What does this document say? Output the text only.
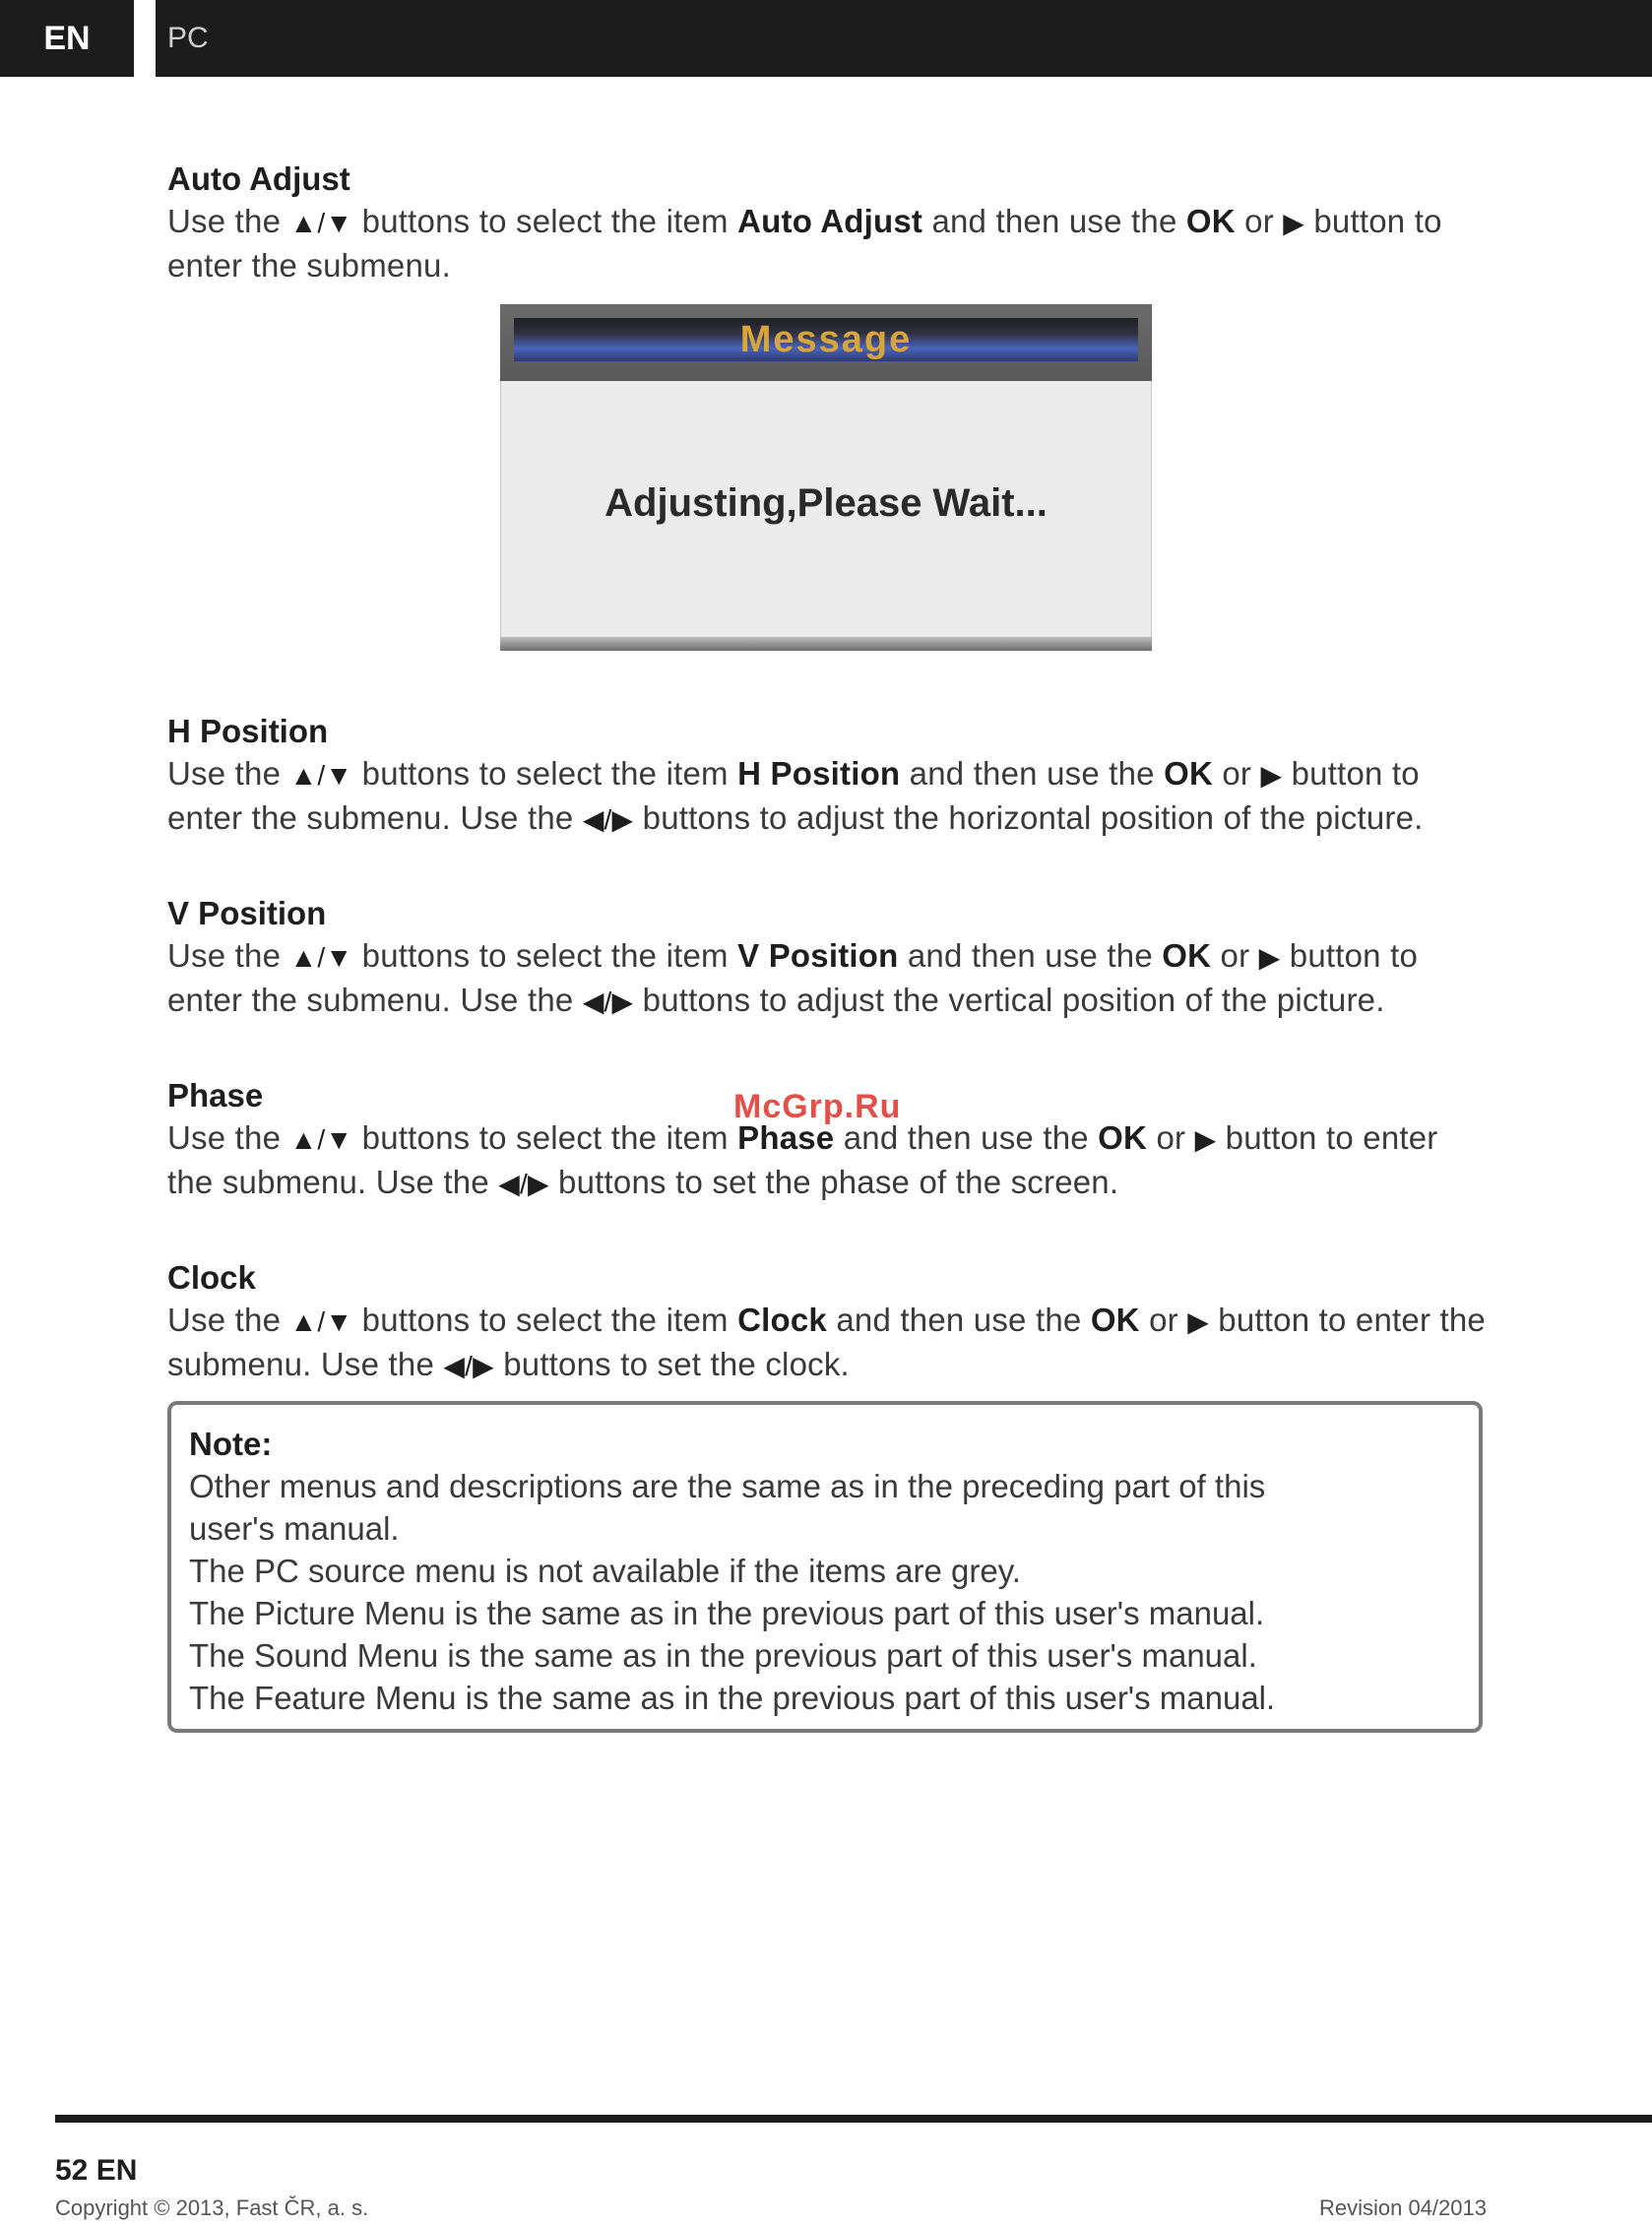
EN	PC
Auto Adjust
Use the ▲/▼ buttons to select the item Auto Adjust and then use the OK or ▶ button to enter the submenu.
Message
Adjusting,Please Wait...
H Position
Use the ▲/▼ buttons to select the item H Position and then use the OK or ▶ button to enter the submenu. Use the ◀/▶ buttons to adjust the horizontal position of the picture.
V Position
Use the ▲/▼ buttons to select the item V Position and then use the OK or ▶ button to enter the submenu. Use the ◀/▶ buttons to adjust the vertical position of the picture.
Phase
Use the ▲/▼ buttons to select the item Phase and then use the OK or ▶ button to enter the submenu. Use the ◀/▶ buttons to set the phase of the screen.
Clock
Use the ▲/▼ buttons to select the item Clock and then use the OK or ▶ button to enter the submenu. Use the ◀/▶ buttons to set the clock.
McGrp.Ru
Note:
Other menus and descriptions are the same as in the preceding part of this
user's manual.
The PC source menu is not available if the items are grey.
The Picture Menu is the same as in the previous part of this user's manual.
The Sound Menu is the same as in the previous part of this user's manual.
The Feature Menu is the same as in the previous part of this user's manual.
52 EN
Copyright © 2013, Fast ČR, a. s.	Revision 04/2013
